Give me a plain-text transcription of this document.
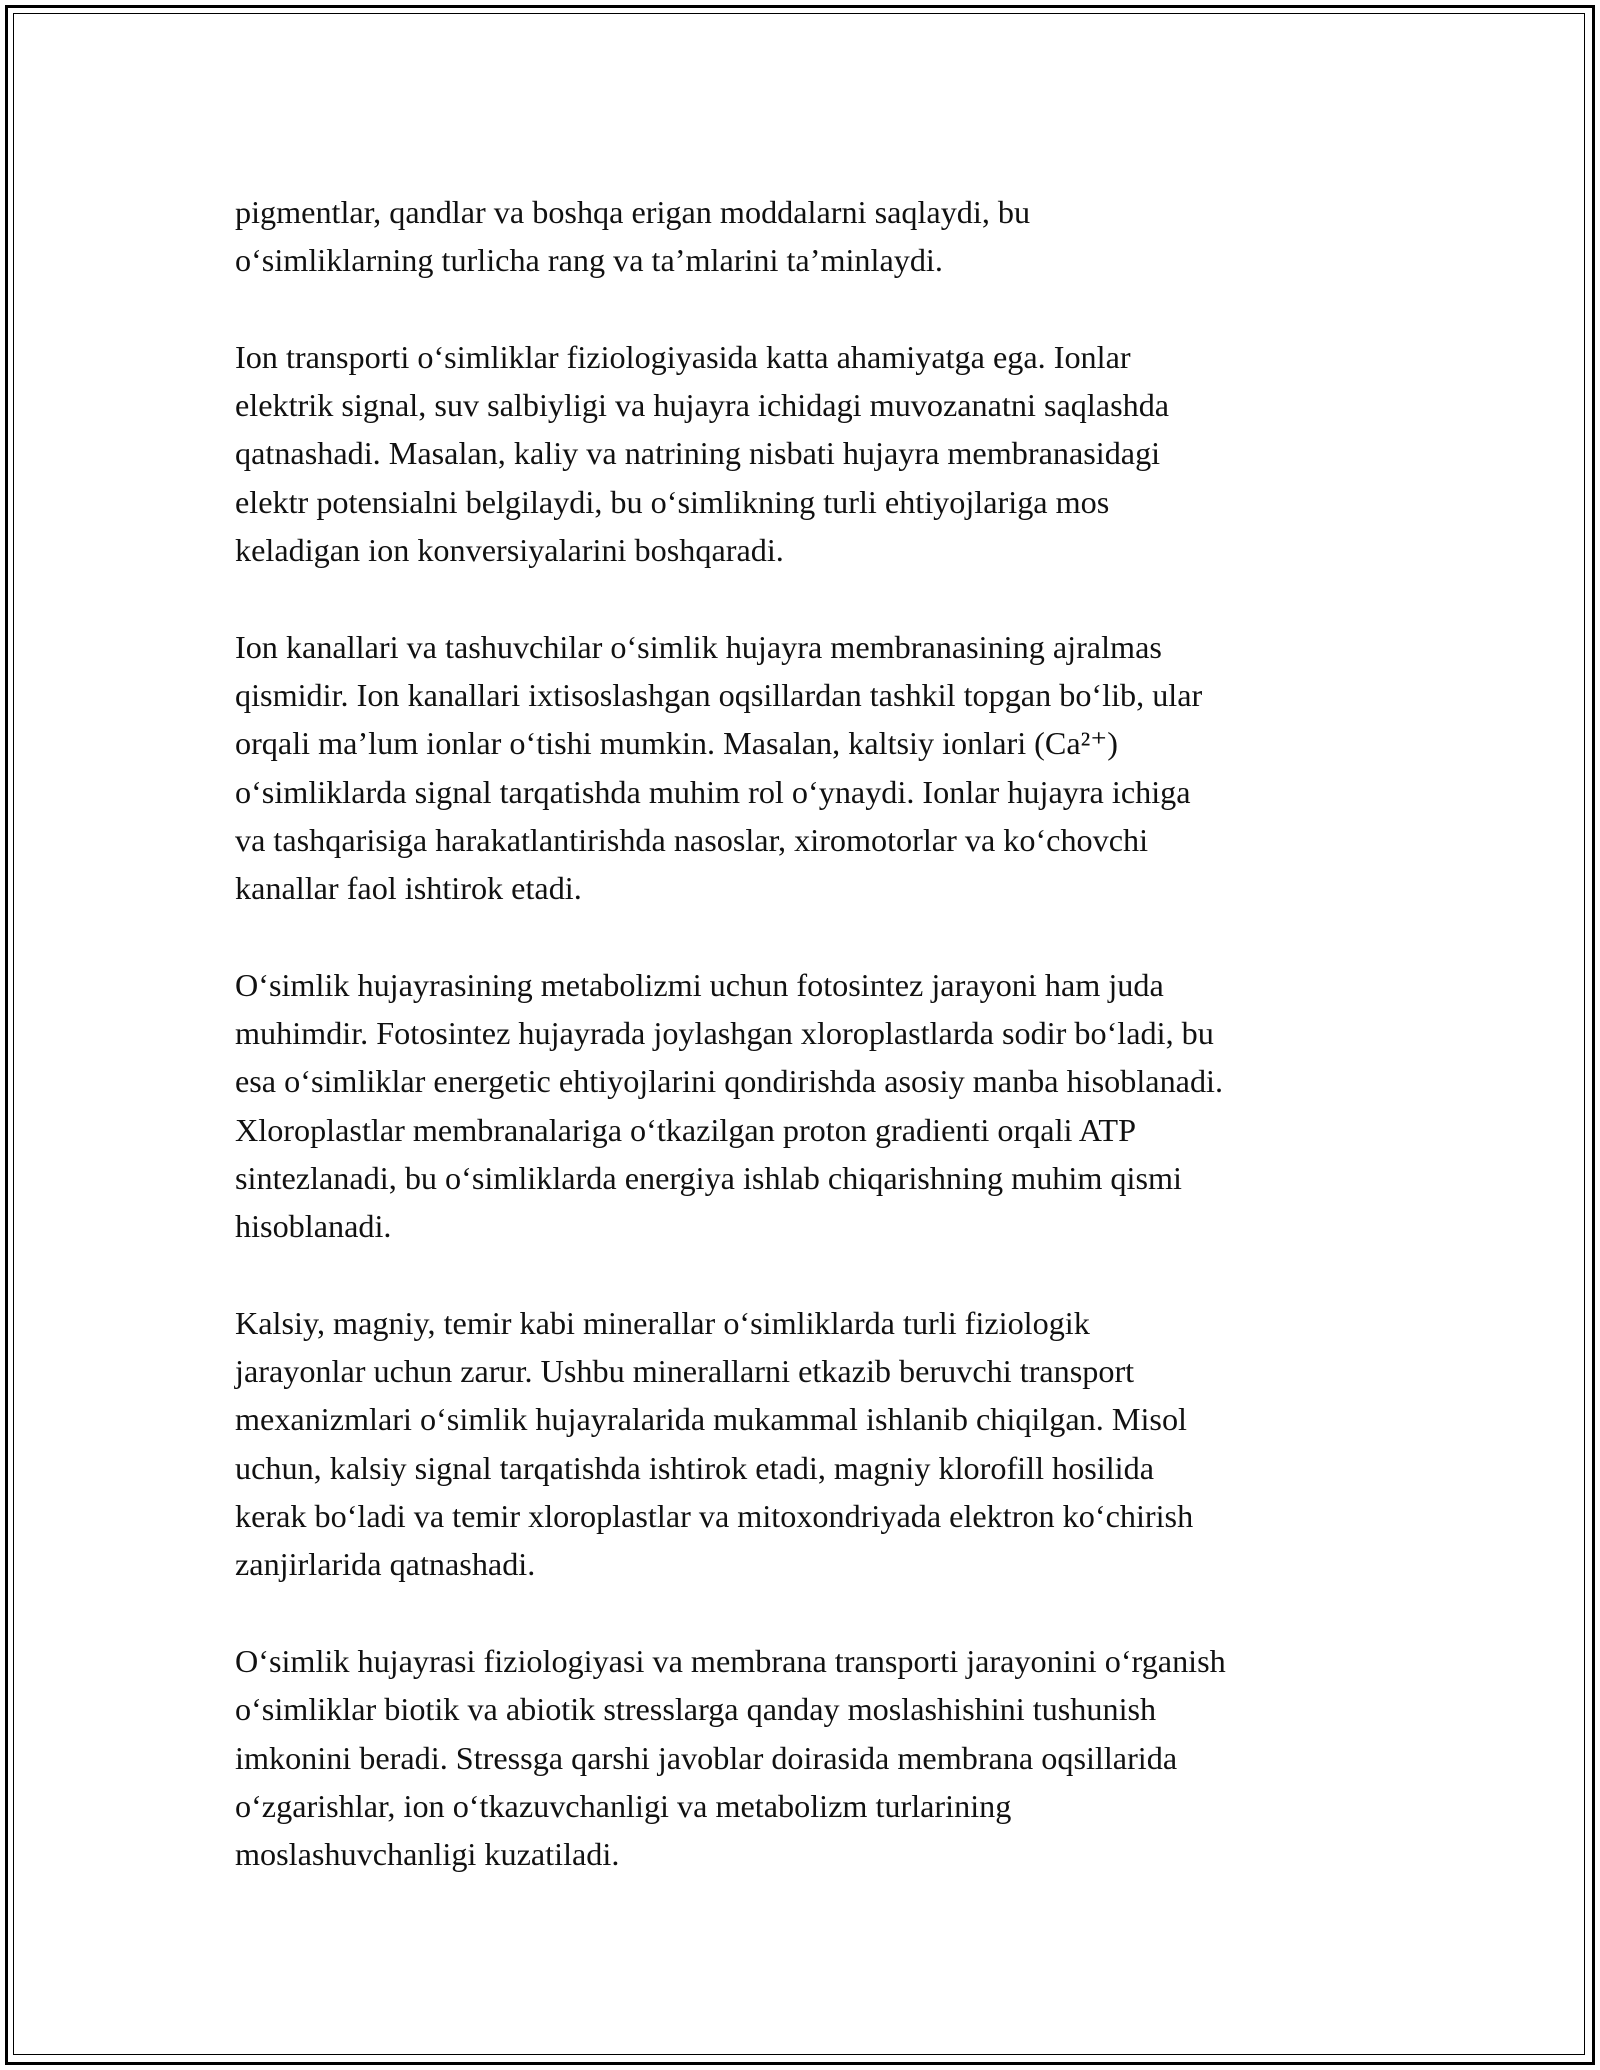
pigmentlar, qandlar va boshqa erigan moddalarni saqlaydi, bu
o‘simliklarning turlicha rang va ta’mlarini ta’minlaydi.

Ion transporti o‘simliklar fiziologiyasida katta ahamiyatga ega. Ionlar
elektrik signal, suv salbiyligi va hujayra ichidagi muvozanatni saqlashda
qatnashadi. Masalan, kaliy va natrining nisbati hujayra membranasidagi
elektr potensialni belgilaydi, bu o‘simlikning turli ehtiyojlariga mos
keladigan ion konversiyalarini boshqaradi.

Ion kanallari va tashuvchilar o‘simlik hujayra membranasining ajralmas
qismidir. Ion kanallari ixtisoslashgan oqsillardan tashkil topgan bo‘lib, ular
orqali ma’lum ionlar o‘tishi mumkin. Masalan, kaltsiy ionlari (Ca²⁺)
o‘simliklarda signal tarqatishda muhim rol o‘ynaydi. Ionlar hujayra ichiga
va tashqarisiga harakatlantirishda nasoslar, xiromotorlar va ko‘chovchi
kanallar faol ishtirok etadi.

O‘simlik hujayrasining metabolizmi uchun fotosintez jarayoni ham juda
muhimdir. Fotosintez hujayrada joylashgan xloroplastlarda sodir bo‘ladi, bu
esa o‘simliklar energetic ehtiyojlarini qondirishda asosiy manba hisoblanadi.
Xloroplastlar membranalariga o‘tkazilgan proton gradienti orqali ATP
sintezlanadi, bu o‘simliklarda energiya ishlab chiqarishning muhim qismi
hisoblanadi.

Kalsiy, magniy, temir kabi minerallar o‘simliklarda turli fiziologik
jarayonlar uchun zarur. Ushbu minerallarni etkazib beruvchi transport
mexanizmlari o‘simlik hujayralarida mukammal ishlanib chiqilgan. Misol
uchun, kalsiy signal tarqatishda ishtirok etadi, magniy klorofill hosilida
kerak bo‘ladi va temir xloroplastlar va mitoxondriyada elektron ko‘chirish
zanjirlarida qatnashadi.

O‘simlik hujayrasi fiziologiyasi va membrana transporti jarayonini o‘rganish
o‘simliklar biotik va abiotik stresslarga qanday moslashishini tushunish
imkonini beradi. Stressga qarshi javoblar doirasida membrana oqsillarida
o‘zgarishlar, ion o‘tkazuvchanligi va metabolizm turlarining
moslashuvchanligi kuzatiladi.
